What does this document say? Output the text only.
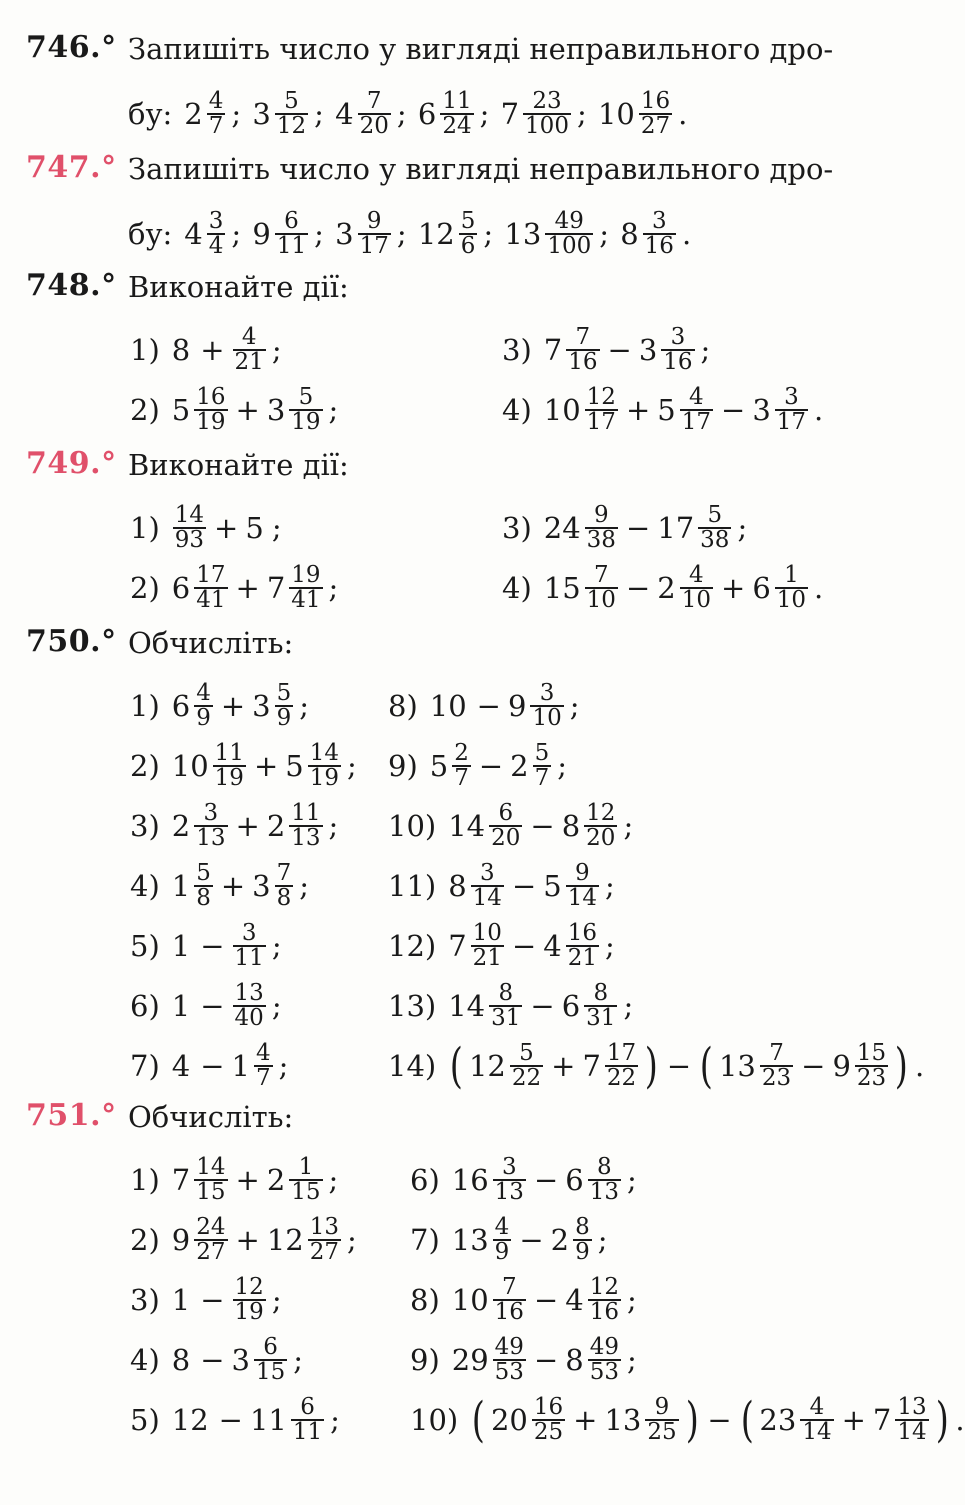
746.° Запишіть число у вигляді неправильного дро-
бу: $2 \frac{4}{7}$ ; $3 \frac{5}{12}$ ; $4 \frac{7}{20}$ ; $6 \frac{11}{24}$ ; $7 \frac{23}{100}$ ; $10 \frac{16}{27}$ .
747.° Запишіть число у вигляді неправильного дро-
бу: $4 \frac{3}{4}$ ; $9 \frac{6}{11}$ ; $3 \frac{9}{17}$ ; $12 \frac{5}{6}$ ; $13 \frac{49}{100}$ ; $8 \frac{3}{16}$ .
748.° Виконайте дії:
1) $8 + \frac{4}{21}$ ;
2) $5 \frac{16}{19} + 3 \frac{5}{19}$ ;
3) $7 \frac{7}{16} - 3 \frac{3}{16}$ ;
4) $10 \frac{12}{17} + 5 \frac{4}{17} - 3 \frac{3}{17}$ .
749.° Виконайте дії:
$1) \frac{14}{93} + 5$ ;
2) $6 \frac{17}{41} + 7 \frac{19}{41}$ ;
3) $24 \frac{9}{38} - 17 \frac{5}{38}$ ;
4) $15 \frac{7}{10} - 2 \frac{4}{10} + 6 \frac{1}{10}$ .
750.° Обчисліть:
1) $6 \frac{4}{9} + 3 \frac{5}{9}$ ;
2) $10 \frac{11}{19} + 5 \frac{14}{19}$ ;
3) $2 \frac{3}{13} + 2 \frac{11}{13}$ ;
4) $1 \frac{5}{8} + 3 \frac{7}{8}$ ;
5) $1 - \frac{3}{11}$ ;
6) $1 - \frac{13}{40}$ ;
7) $4 - 1 \frac{4}{7}$ ;
8) $10 - 9 \frac{3}{10}$ ;
9) $5 \frac{2}{7} - 2 \frac{5}{7}$ ;
10) $14 \frac{6}{20} - 8 \frac{12}{20}$ ;
11) $8 \frac{3}{14} - 5 \frac{9}{14}$ ;
12) $7 \frac{10}{21} - 4 \frac{16}{21}$ ;
13) $14 \frac{8}{31} - 6 \frac{8}{31}$ ;
14) ( $12 \frac{5}{22} + 7 \frac{17}{22}$ ) − ( $13 \frac{7}{23} - 9 \frac{15}{23}$ ) .
751.° Обчисліть:
1) $7 \frac{14}{15} + 2 \frac{1}{15}$ ;
2) $9 \frac{24}{27} + 12 \frac{13}{27}$ ;
3) $1 - \frac{12}{19}$ ;
4) $8 - 3 \frac{6}{15}$ ;
5) $12 - 11 \frac{6}{11}$ ;
6) $16 \frac{3}{13} - 6 \frac{8}{13}$ ;
7) $13 \frac{4}{9} - 2 \frac{8}{9}$ ;
8) $10 \frac{7}{16} - 4 \frac{12}{16}$ ;
9) $29 \frac{49}{53} - 8 \frac{49}{53}$ ;
10) ( $20 \frac{16}{25} + 13 \frac{9}{25}$ ) − ( $23 \frac{4}{14} + 7 \frac{13}{14}$ ) .
